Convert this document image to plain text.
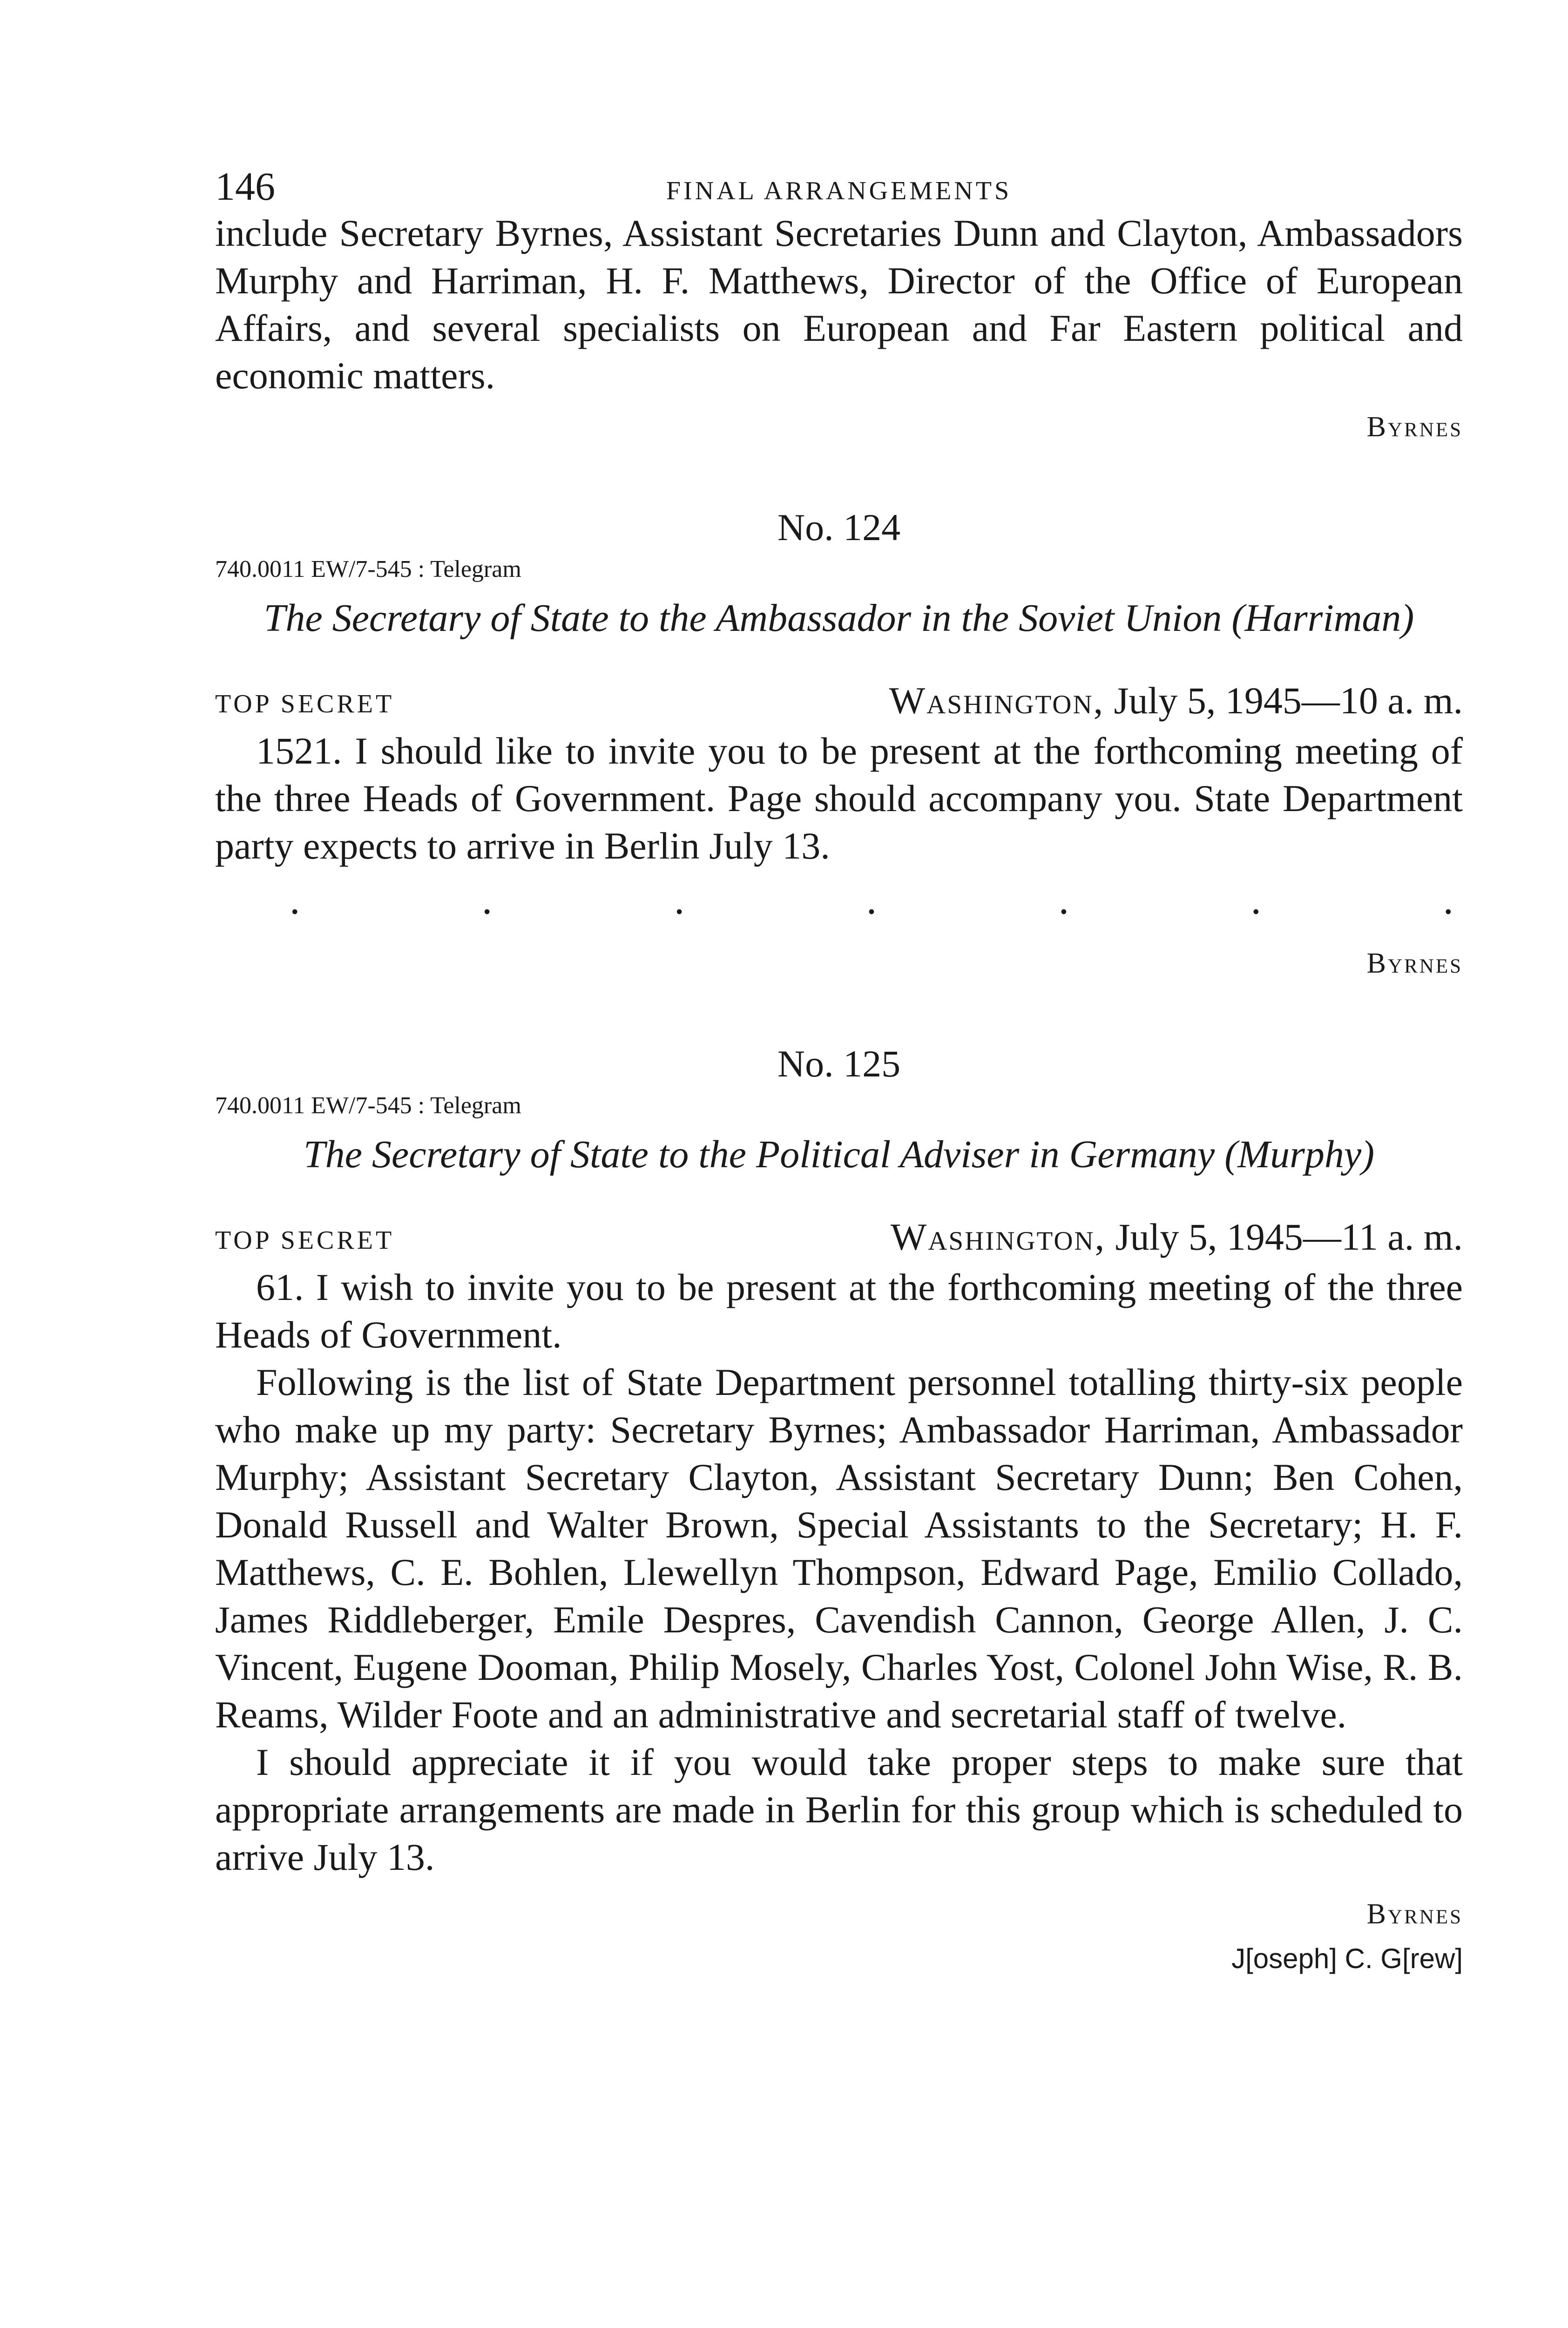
146	FINAL ARRANGEMENTS

include Secretary Byrnes, Assistant Secretaries Dunn and Clayton, Ambassadors Murphy and Harriman, H. F. Matthews, Director of the Office of European Affairs, and several specialists on European and Far Eastern political and economic matters.

Byrnes
No. 124
740.0011 EW/7-545 : Telegram
The Secretary of State to the Ambassador in the Soviet Union (Harriman)
TOP SECRET	Washington, July 5, 1945—10 a. m.

1521. I should like to invite you to be present at the forthcoming meeting of the three Heads of Government. Page should accompany you. State Department party expects to arrive in Berlin July 13.

.	.	.	.	.	.	.
Byrnes
No. 125
740.0011 EW/7-545 : Telegram
The Secretary of State to the Political Adviser in Germany (Murphy)
TOP SECRET	Washington, July 5, 1945—11 a. m.

61. I wish to invite you to be present at the forthcoming meeting of the three Heads of Government.

Following is the list of State Department personnel totalling thirty-six people who make up my party: Secretary Byrnes; Ambassador Harriman, Ambassador Murphy; Assistant Secretary Clayton, Assistant Secretary Dunn; Ben Cohen, Donald Russell and Walter Brown, Special Assistants to the Secretary; H. F. Matthews, C. E. Bohlen, Llewellyn Thompson, Edward Page, Emilio Collado, James Riddleberger, Emile Despres, Cavendish Cannon, George Allen, J. C. Vincent, Eugene Dooman, Philip Mosely, Charles Yost, Colonel John Wise, R. B. Reams, Wilder Foote and an administrative and secretarial staff of twelve.

I should appreciate it if you would take proper steps to make sure that appropriate arrangements are made in Berlin for this group which is scheduled to arrive July 13.

Byrnes
J[oseph] C. G[rew]
